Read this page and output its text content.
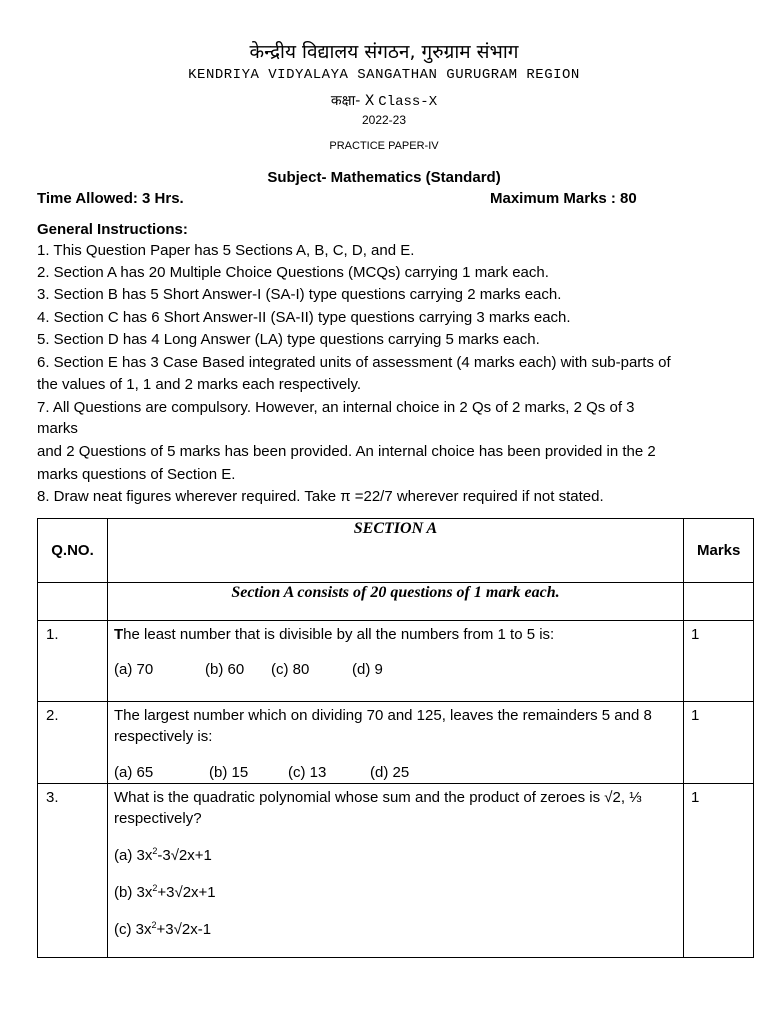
केन्द्रीय विद्यालय संगठन, गुरुग्राम संभाग
KENDRIYA VIDYALAYA SANGATHAN GURUGRAM REGION
कक्षा- X Class-X
2022-23
PRACTICE PAPER-IV
Subject- Mathematics (Standard)
Time Allowed: 3 Hrs.	Maximum Marks : 80
General Instructions:
1. This Question Paper has 5 Sections A, B, C, D, and E.
2. Section A has 20 Multiple Choice Questions (MCQs) carrying 1 mark each.
3. Section B has 5 Short Answer-I (SA-I) type questions carrying 2 marks each.
4. Section C has 6 Short Answer-II (SA-II) type questions carrying 3 marks each.
5. Section D has 4 Long Answer (LA) type questions carrying 5 marks each.
6. Section E has 3 Case Based integrated units of assessment (4 marks each) with sub-parts of
the values of 1, 1 and 2 marks each respectively.
7. All Questions are compulsory. However, an internal choice in 2 Qs of 2 marks, 2 Qs of 3
marks
and 2 Questions of 5 marks has been provided. An internal choice has been provided in the 2
marks questions of Section E.
8. Draw neat figures wherever required. Take π =22/7 wherever required if not stated.
Q.NO.	SECTION A	Marks

	Section A consists of 20 questions of 1 mark each.	

1.	The least number that is divisible by all the numbers from 1 to 5 is:
(a) 70 (b) 60 (c) 80 (d) 9	1
2.	The largest number which on dividing 70 and 125, leaves the remainders 5 and 8 respectively is:
(a) 65 (b) 15 (c) 13 (d) 25	1
3.	What is the quadratic polynomial whose sum and the product of zeroes is √2, ⅓ respectively?
(a) $3x^2-3√2x+1$
(b) $3x^2+3√2x+1$
(c) $3x^2+3√2x-1$	1
